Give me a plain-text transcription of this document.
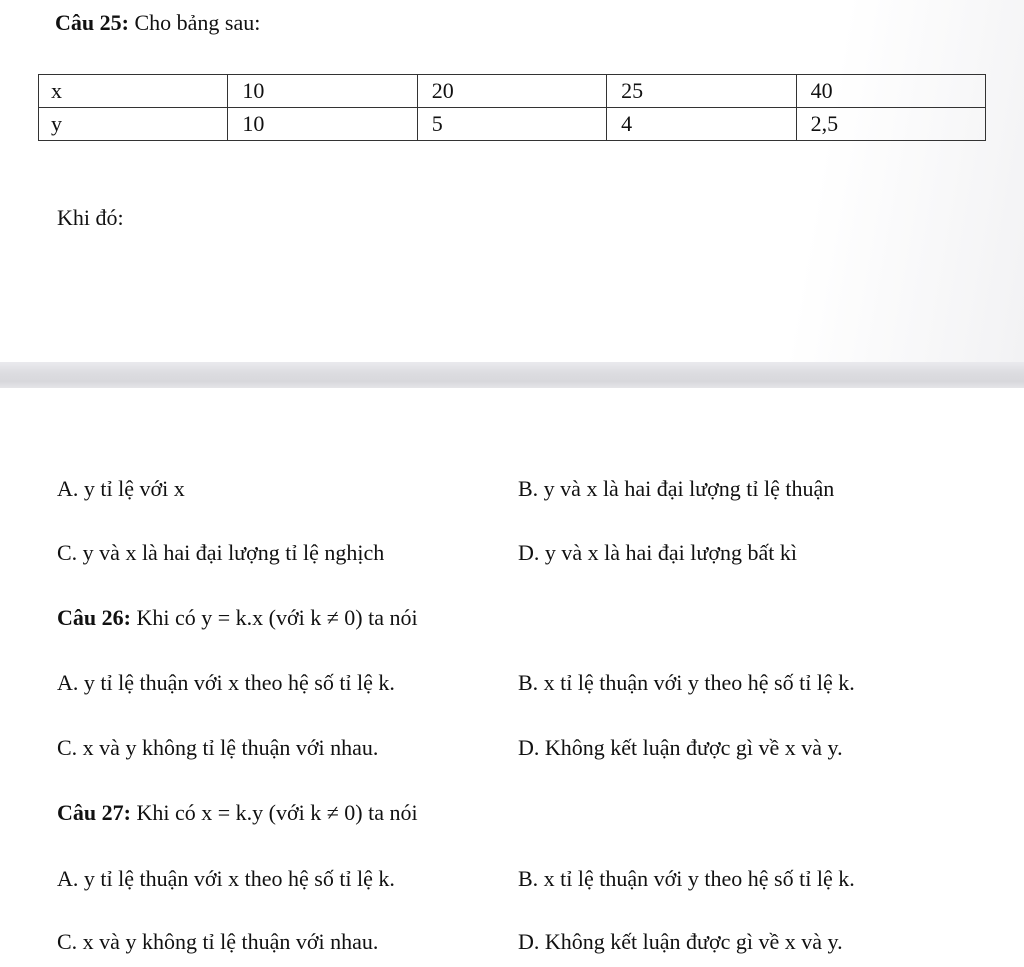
Câu 25: Cho bảng sau:
x	10	20	25	40
y	10	5	4	2,5
Khi đó:
A. y tỉ lệ với x	B. y và x là hai đại lượng tỉ lệ thuận
C. y và x là hai đại lượng tỉ lệ nghịch	D. y và x là hai đại lượng bất kì
Câu 26: Khi có y = k.x (với k ≠ 0) ta nói
A. y tỉ lệ thuận với x theo hệ số tỉ lệ k.	B. x tỉ lệ thuận với y theo hệ số tỉ lệ k.
C. x và y không tỉ lệ thuận với nhau.	D. Không kết luận được gì về x và y.
Câu 27: Khi có x = k.y (với k ≠ 0) ta nói
A. y tỉ lệ thuận với x theo hệ số tỉ lệ k.	B. x tỉ lệ thuận với y theo hệ số tỉ lệ k.
C. x và y không tỉ lệ thuận với nhau.	D. Không kết luận được gì về x và y.
